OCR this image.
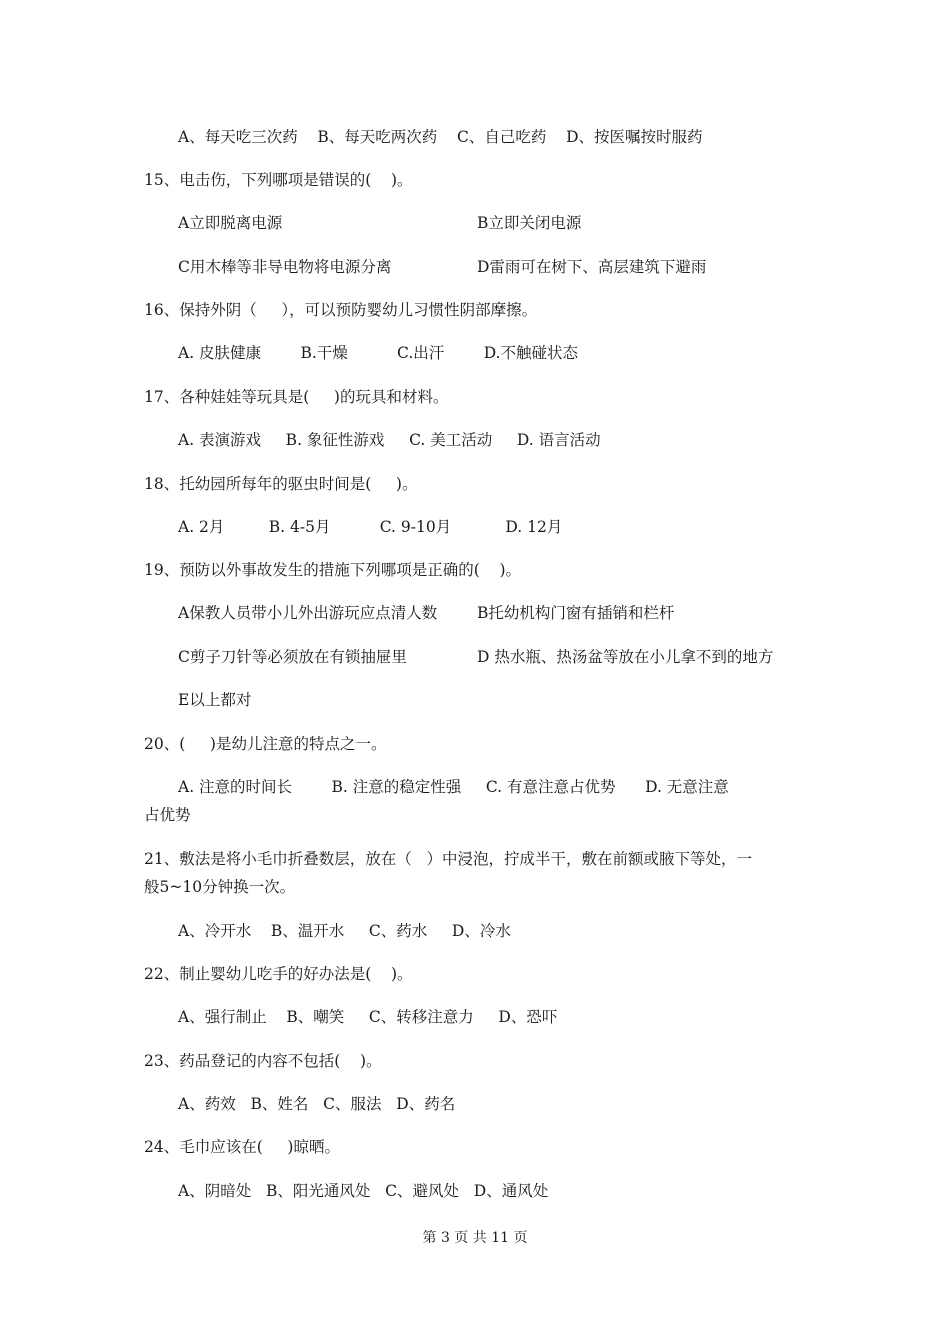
A、每天吃三次药    B、每天吃两次药    C、自己吃药    D、按医嘱按时服药
15、电击伤，下列哪项是错误的(    )。
A立即脱离电源	B立即关闭电源
C用木棒等非导电物将电源分离	D雷雨可在树下、高层建筑下避雨
16、保持外阴（     ），可以预防婴幼儿习惯性阴部摩擦。
A. 皮肤健康        B.干燥          C.出汗        D.不触碰状态
17、各种娃娃等玩具是(     )的玩具和材料。
A. 表演游戏     B. 象征性游戏     C. 美工活动     D. 语言活动
18、托幼园所每年的驱虫时间是(     )。
A. 2月         B. 4-5月          C. 9-10月           D. 12月
19、预防以外事故发生的措施下列哪项是正确的(    )。
A保教人员带小儿外出游玩应点清人数	B托幼机构门窗有插销和栏杆
C剪子刀针等必须放在有锁抽屉里	D 热水瓶、热汤盆等放在小儿拿不到的地方
E以上都对
20、(     )是幼儿注意的特点之一。
A. 注意的时间长        B. 注意的稳定性强     C. 有意注意占优势      D. 无意注意
占优势
21、敷法是将小毛巾折叠数层，放在（   ）中浸泡，拧成半干，敷在前额或腋下等处，一
般5~10分钟换一次。
A、冷开水    B、温开水     C、药水     D、冷水
22、制止婴幼儿吃手的好办法是(    )。
A、强行制止    B、嘲笑     C、转移注意力     D、恐吓
23、药品登记的内容不包括(    )。
A、药效   B、姓名   C、服法   D、药名
24、毛巾应该在(     )晾晒。
A、阴暗处   B、阳光通风处   C、避风处   D、通风处
第 3 页 共 11 页
